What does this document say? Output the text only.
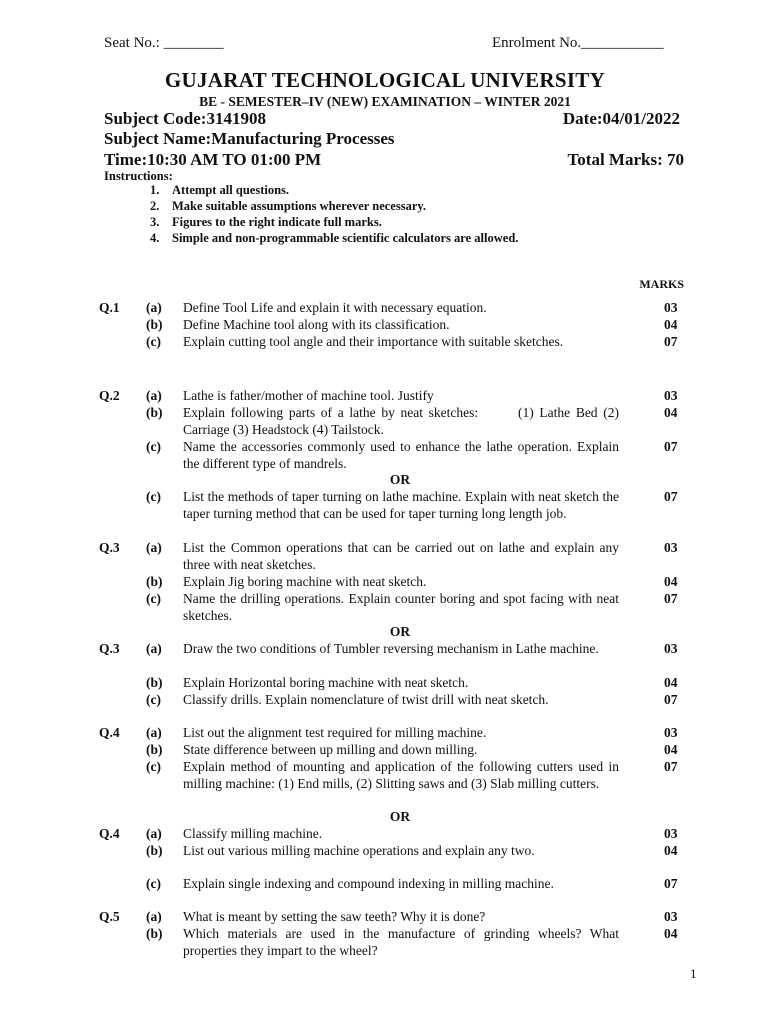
Seat No.: ________	Enrolment No.___________
GUJARAT TECHNOLOGICAL UNIVERSITY
BE - SEMESTER–IV (NEW) EXAMINATION – WINTER 2021
Subject Code:3141908	Date:04/01/2022
Subject Name:Manufacturing Processes
Time:10:30 AM TO 01:00 PM	Total Marks: 70
Instructions:
1. Attempt all questions.
2. Make suitable assumptions wherever necessary.
3. Figures to the right indicate full marks.
4. Simple and non-programmable scientific calculators are allowed.
MARKS
Q.1 (a) Define Tool Life and explain it with necessary equation.	03
(b) Define Machine tool along with its classification.	04
(c) Explain cutting tool angle and their importance with suitable sketches.	07
Q.2 (a) Lathe is father/mother of machine tool. Justify	03
(b) Explain following parts of a lathe by neat sketches:       (1) Lathe Bed (2) Carriage (3) Headstock (4) Tailstock.
04
(c) Name the accessories commonly used to enhance the lathe operation. Explain the different type of mandrels.
07
OR
(c) List the methods of taper turning on lathe machine. Explain with neat sketch the taper turning method that can be used for taper turning long length job.
07
Q.3 (a) List the Common operations that can be carried out on lathe and explain any three with neat sketches.
03
(b) Explain Jig boring machine with neat sketch.	04
(c) Name the drilling operations. Explain counter boring and spot facing with neat sketches.
07
OR
Q.3 (a) Draw the two conditions of Tumbler reversing mechanism in Lathe machine.	03
(b) Explain Horizontal boring machine with neat sketch.	04
(c) Classify drills. Explain nomenclature of twist drill with neat sketch.	07
Q.4 (a) List out the alignment test required for milling machine.	03
(b) State difference between up milling and down milling.	04
(c) Explain method of mounting and application of the following cutters used in milling machine: (1) End mills, (2) Slitting saws and (3) Slab milling cutters.
07
OR
Q.4 (a) Classify milling machine.	03
(b) List out various milling machine operations and explain any two.	04
(c) Explain single indexing and compound indexing in milling machine.	07
Q.5 (a) What is meant by setting the saw teeth? Why it is done?	03
(b) Which materials are used in the manufacture of grinding wheels? What properties they impart to the wheel?
04
1
